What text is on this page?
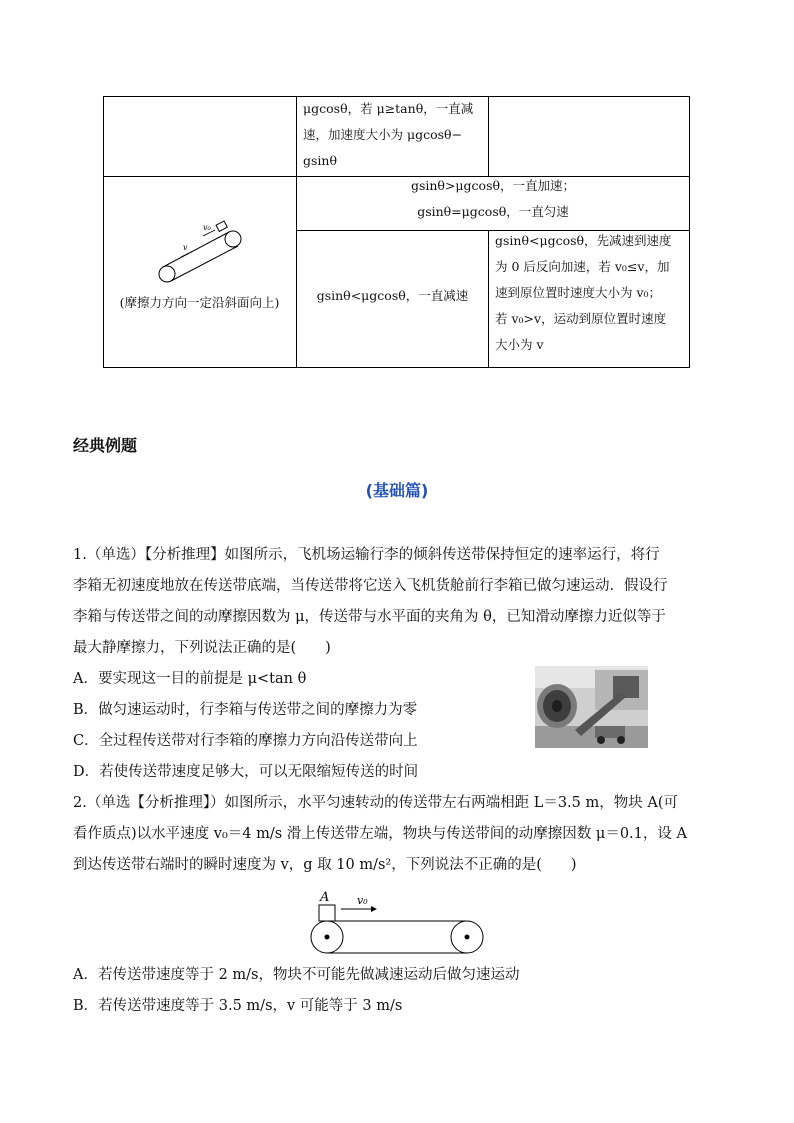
μgcosθ，若 μ≥tanθ，一直减
速，加速度大小为 μgcosθ−
gsinθ
v₀
v
(摩擦力方向一定沿斜面向上)
gsinθ>μgcosθ，一直加速；
gsinθ=μgcosθ，一直匀速
gsinθ<μgcosθ，一直减速
gsinθ<μgcosθ，先减速到速度
为 0 后反向加速，若 v₀≤v，加
速到原位置时速度大小为 v₀；
若 v₀>v，运动到原位置时速度
大小为 v
经典例题
(基础篇)
1.（单选）【分析推理】如图所示，飞机场运输行李的倾斜传送带保持恒定的速率运行，将行
李箱无初速度地放在传送带底端，当传送带将它送入飞机货舱前行李箱已做匀速运动．假设行
李箱与传送带之间的动摩擦因数为 μ，传送带与水平面的夹角为 θ，已知滑动摩擦力近似等于
最大静摩擦力，下列说法正确的是(　　)
A．要实现这一目的前提是 μ<tan θ
B．做匀速运动时，行李箱与传送带之间的摩擦力为零
C．全过程传送带对行李箱的摩擦力方向沿传送带向上
D．若使传送带速度足够大，可以无限缩短传送的时间
2.（单选【分析推理】）如图所示，水平匀速转动的传送带左右两端相距 L＝3.5 m，物块 A(可
看作质点)以水平速度 v₀＝4 m/s 滑上传送带左端，物块与传送带间的动摩擦因数 μ＝0.1，设 A
到达传送带右端时的瞬时速度为 v，g 取 10 m/s²，下列说法不正确的是(　　)
A	v₀
A．若传送带速度等于 2 m/s，物块不可能先做减速运动后做匀速运动
B．若传送带速度等于 3.5 m/s，v 可能等于 3 m/s
